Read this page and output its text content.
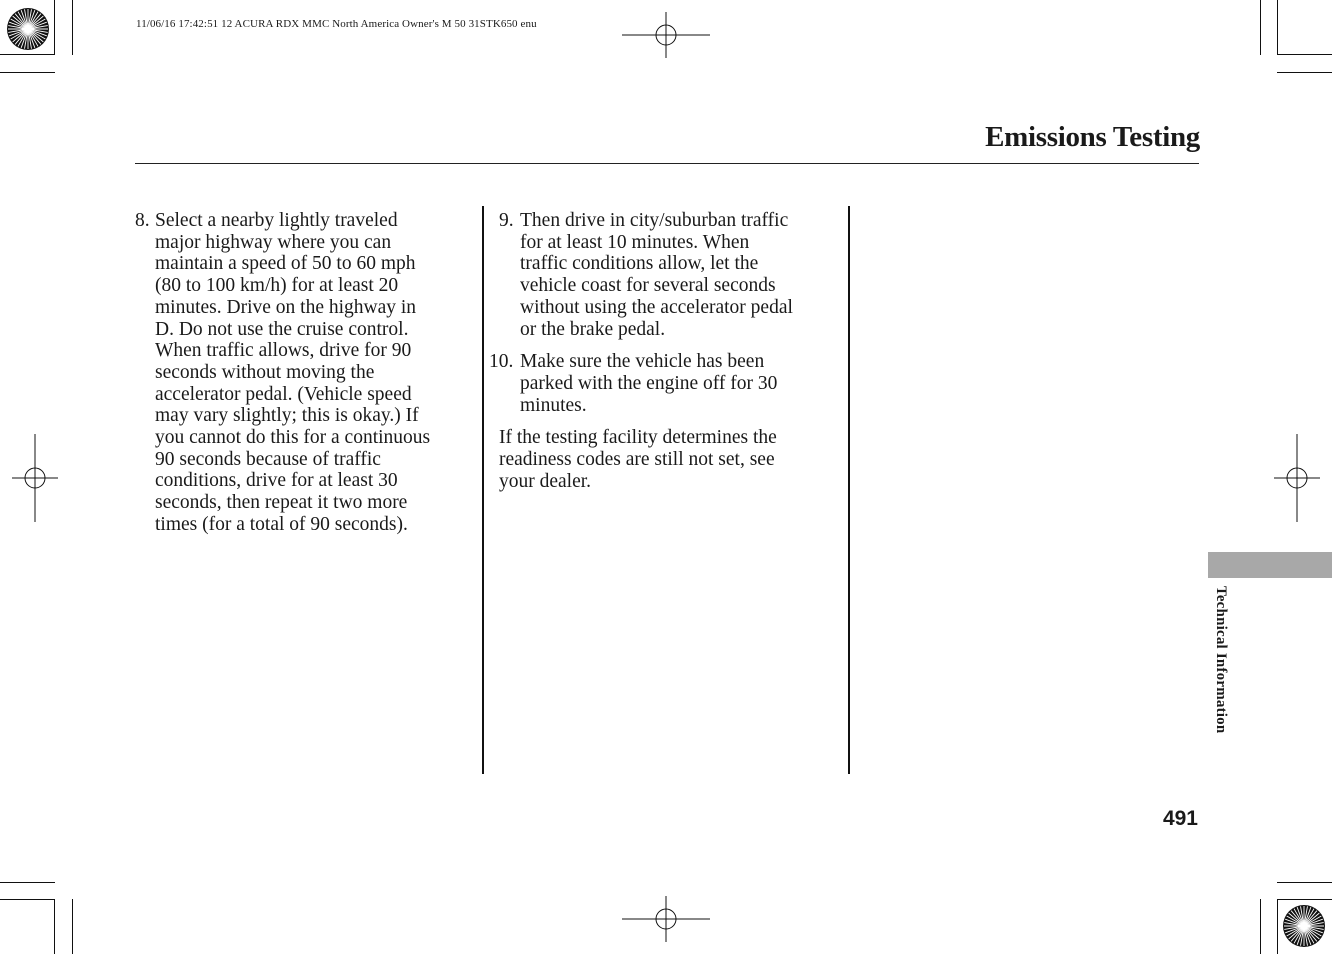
11/06/16 17:42:51 12 ACURA RDX MMC North America Owner's M 50 31STK650 enu
Emissions Testing
8. Select a nearby lightly traveled
major highway where you can
maintain a speed of 50 to 60 mph
(80 to 100 km/h) for at least 20
minutes. Drive on the highway in
D. Do not use the cruise control.
When traffic allows, drive for 90
seconds without moving the
accelerator pedal. (Vehicle speed
may vary slightly; this is okay.) If
you cannot do this for a continuous
90 seconds because of traffic
conditions, drive for at least 30
seconds, then repeat it two more
times (for a total of 90 seconds).
9. Then drive in city/suburban traffic
for at least 10 minutes. When
traffic conditions allow, let the
vehicle coast for several seconds
without using the accelerator pedal
or the brake pedal.
10. Make sure the vehicle has been
parked with the engine off for 30
minutes.
If the testing facility determines the
readiness codes are still not set, see
your dealer.
Technical Information
491
